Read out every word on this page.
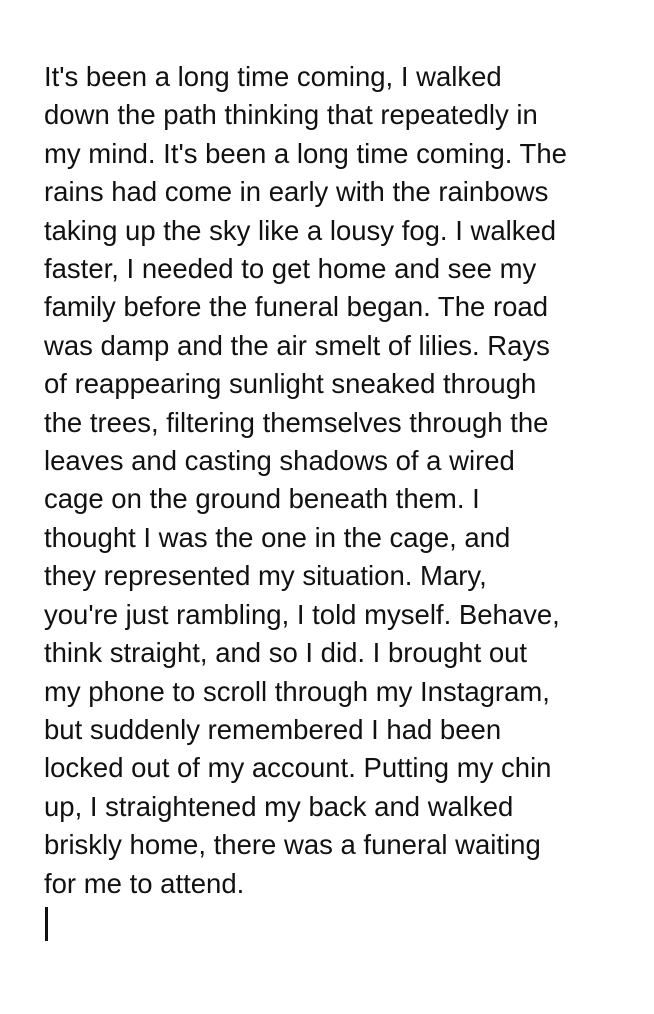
It's been a long time coming, I walked
down the path thinking that repeatedly in
my mind. It's been a long time coming. The
rains had come in early with the rainbows
taking up the sky like a lousy fog. I walked
faster, I needed to get home and see my
family before the funeral began. The road
was damp and the air smelt of lilies. Rays
of reappearing sunlight sneaked through
the trees, filtering themselves through the
leaves and casting shadows of a wired
cage on the ground beneath them. I
thought I was the one in the cage, and
they represented my situation. Mary,
you're just rambling, I told myself. Behave,
think straight, and so I did. I brought out
my phone to scroll through my Instagram,
but suddenly remembered I had been
locked out of my account. Putting my chin
up, I straightened my back and walked
briskly home, there was a funeral waiting
for me to attend.
